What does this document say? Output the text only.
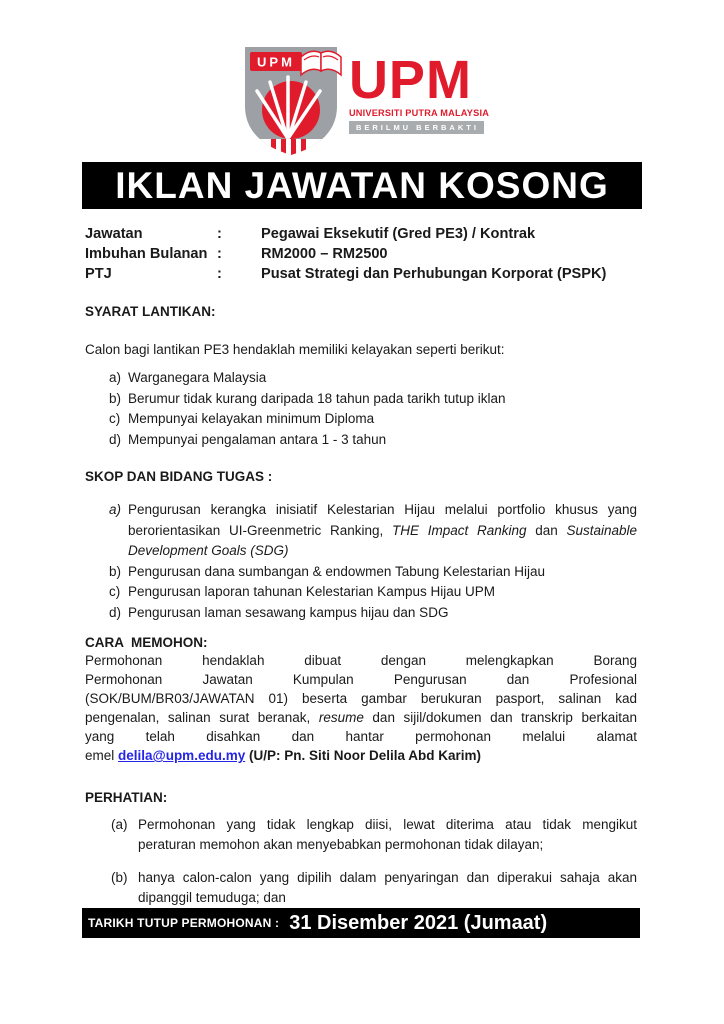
UPM UPM
UNIVERSITI PUTRA MALAYSIA
BERILMU BERBAKTI
IKLAN JAWATAN KOSONG
Jawatan	:	Pegawai Eksekutif (Gred PE3) / Kontrak
Imbuhan Bulanan :	RM2000 – RM2500
PTJ	:	Pusat Strategi dan Perhubungan Korporat (PSPK)
SYARAT LANTIKAN:
Calon bagi lantikan PE3 hendaklah memiliki kelayakan seperti berikut:
a) Warganegara Malaysia
b) Berumur tidak kurang daripada 18 tahun pada tarikh tutup iklan
c) Mempunyai kelayakan minimum Diploma
d) Mempunyai pengalaman antara 1 - 3 tahun
SKOP DAN BIDANG TUGAS :
a) Pengurusan kerangka inisiatif Kelestarian Hijau melalui portfolio khusus yang
berorientasikan UI-Greenmetric Ranking, THE Impact Ranking dan Sustainable
Development Goals (SDG)
b) Pengurusan dana sumbangan & endowmen Tabung Kelestarian Hijau
c) Pengurusan laporan tahunan Kelestarian Kampus Hijau UPM
d) Pengurusan laman sesawang kampus hijau dan SDG
CARA  MEMOHON:
Permohonan hendaklah dibuat dengan melengkapkan Borang
Permohonan Jawatan Kumpulan Pengurusan dan Profesional
(SOK/BUM/BR03/JAWATAN 01) beserta gambar berukuran pasport, salinan kad
pengenalan, salinan surat beranak, resume dan sijil/dokumen dan transkrip berkaitan
yang telah disahkan dan hantar permohonan melalui alamat
emel delila@upm.edu.my (U/P: Pn. Siti Noor Delila Abd Karim)
PERHATIAN:
(a) Permohonan yang tidak lengkap diisi, lewat diterima atau tidak mengikut
peraturan memohon akan menyebabkan permohonan tidak dilayan;
(b) hanya calon-calon yang dipilih dalam penyaringan dan diperakui sahaja akan
dipanggil temuduga; dan
TARIKH TUTUP PERMOHONAN : 31 Disember 2021 (Jumaat)
